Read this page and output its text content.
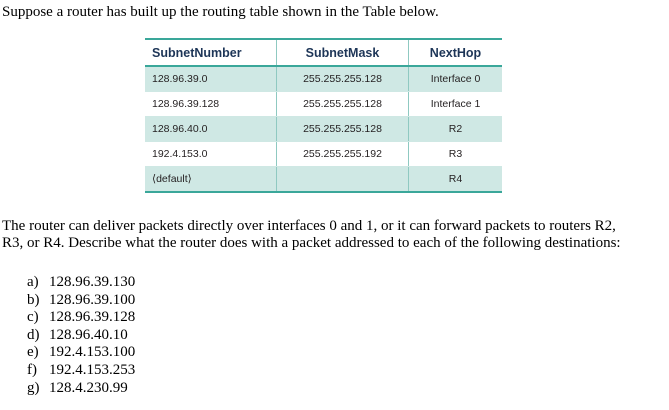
Suppose a router has built up the routing table shown in the Table below.
SubnetNumber	SubnetMask	NextHop
128.96.39.0	255.255.255.128	Interface 0
128.96.39.128	255.255.255.128	Interface 1
128.96.40.0	255.255.255.128	R2
192.4.153.0	255.255.255.192	R3
⟨default⟩		R4

The router can deliver packets directly over interfaces 0 and 1, or it can forward packets to routers R2,

R3, or R4. Describe what the router does with a packet addressed to each of the following destinations:

a) 128.96.39.130
b) 128.96.39.100
c) 128.96.39.128
d) 128.96.40.10
e) 192.4.153.100
f) 192.4.153.253
g) 128.4.230.99
